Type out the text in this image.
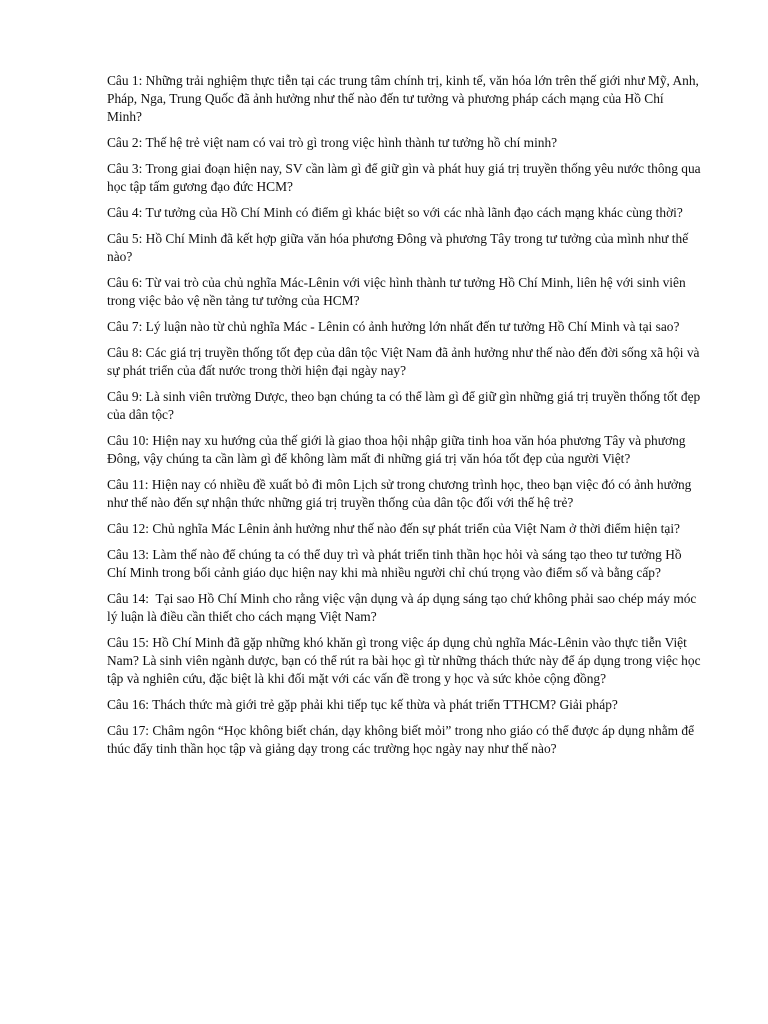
Câu 1: Những trải nghiệm thực tiễn tại các trung tâm chính trị, kinh tế, văn hóa lớn trên thế giới như Mỹ, Anh, Pháp, Nga, Trung Quốc đã ảnh hưởng như thế nào đến tư tưởng và phương pháp cách mạng của Hồ Chí Minh?

Câu 2: Thế hệ trẻ việt nam có vai trò gì trong việc hình thành tư tưởng hồ chí minh?

Câu 3: Trong giai đoạn hiện nay, SV cần làm gì để giữ gìn và phát huy giá trị truyền thống yêu nước thông qua học tập tấm gương đạo đức HCM?

Câu 4: Tư tưởng của Hồ Chí Minh có điểm gì khác biệt so với các nhà lãnh đạo cách mạng khác cùng thời?

Câu 5: Hồ Chí Minh đã kết hợp giữa văn hóa phương Đông và phương Tây trong tư tưởng của mình như thế nào?

Câu 6: Từ vai trò của chủ nghĩa Mác-Lênin với việc hình thành tư tưởng Hồ Chí Minh, liên hệ với sinh viên trong việc bảo vệ nền tảng tư tưởng của HCM?

Câu 7: Lý luận nào từ chủ nghĩa Mác - Lênin có ảnh hưởng lớn nhất đến tư tưởng Hồ Chí Minh và tại sao?

Câu 8: Các giá trị truyền thống tốt đẹp của dân tộc Việt Nam đã ảnh hưởng như thế nào đến đời sống xã hội và sự phát triển của đất nước trong thời hiện đại ngày nay?

Câu 9: Là sinh viên trường Dược, theo bạn chúng ta có thể làm gì để giữ gìn những giá trị truyền thống tốt đẹp của dân tộc?

Câu 10: Hiện nay xu hướng của thế giới là giao thoa hội nhập giữa tinh hoa văn hóa phương Tây và phương Đông, vậy chúng ta cần làm gì để không làm mất đi những giá trị văn hóa tốt đẹp của người Việt?

Câu 11: Hiện nay có nhiều đề xuất bỏ đi môn Lịch sử trong chương trình học, theo bạn việc đó có ảnh hưởng như thế nào đến sự nhận thức những giá trị truyền thống của dân tộc đối với thế hệ trẻ?

Câu 12: Chủ nghĩa Mác Lênin ảnh hưởng như thế nào đến sự phát triển của Việt Nam ở thời điểm hiện tại?

Câu 13: Làm thế nào để chúng ta có thể duy trì và phát triển tinh thần học hỏi và sáng tạo theo tư tưởng Hồ Chí Minh trong bối cảnh giáo dục hiện nay khi mà nhiều người chỉ chú trọng vào điểm số và bằng cấp?

Câu 14:  Tại sao Hồ Chí Minh cho rằng việc vận dụng và áp dụng sáng tạo chứ không phải sao chép máy móc lý luận là điều cần thiết cho cách mạng Việt Nam?

Câu 15: Hồ Chí Minh đã gặp những khó khăn gì trong việc áp dụng chủ nghĩa Mác-Lênin vào thực tiễn Việt Nam? Là sinh viên ngành dược, bạn có thể rút ra bài học gì từ những thách thức này để áp dụng trong việc học tập và nghiên cứu, đặc biệt là khi đối mặt với các vấn đề trong y học và sức khỏe cộng đồng?

Câu 16: Thách thức mà giới trẻ gặp phải khi tiếp tục kế thừa và phát triển TTHCM? Giải pháp?

Câu 17: Châm ngôn “Học không biết chán, dạy không biết mỏi” trong nho giáo có thể được áp dụng nhằm để thúc đẩy tinh thần học tập và giảng dạy trong các trường học ngày nay như thế nào?
